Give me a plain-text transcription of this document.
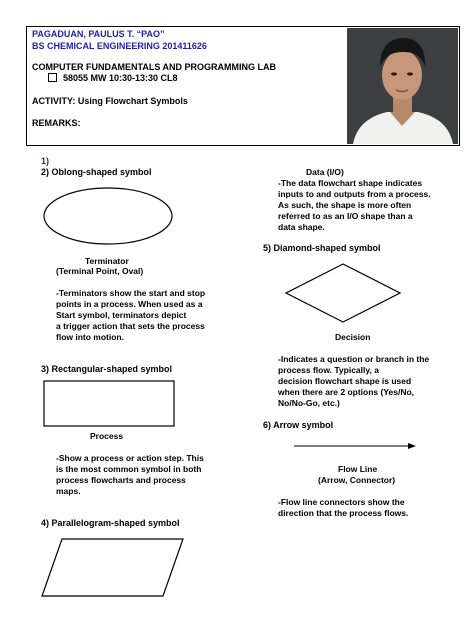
PAGADUAN, PAULUS T. “PAO”
BS CHEMICAL ENGINEERING 201411626
COMPUTER FUNDAMENTALS AND PROGRAMMING LAB
58055 MW 10:30-13:30 CL8
ACTIVITY: Using Flowchart Symbols
REMARKS:
1)
2) Oblong-shaped symbol
Terminator
(Terminal Point, Oval)
-Terminators show the start and stop
points in a process. When used as a
Start symbol, terminators depict
a trigger action that sets the process
flow into motion.
3) Rectangular-shaped symbol
Process
-Show a process or action step. This
is the most common symbol in both
process flowcharts and process
maps.
4) Parallelogram-shaped symbol
Data (I/O)
-The data flowchart shape indicates
inputs to and outputs from a process.
As such, the shape is more often
referred to as an I/O shape than a
data shape.
5) Diamond-shaped symbol
Decision
-Indicates a question or branch in the
process flow. Typically, a
decision flowchart shape is used
when there are 2 options (Yes/No,
No/No-Go, etc.)
6) Arrow symbol
Flow Line
(Arrow, Connector)
-Flow line connectors show the
direction that the process flows.
